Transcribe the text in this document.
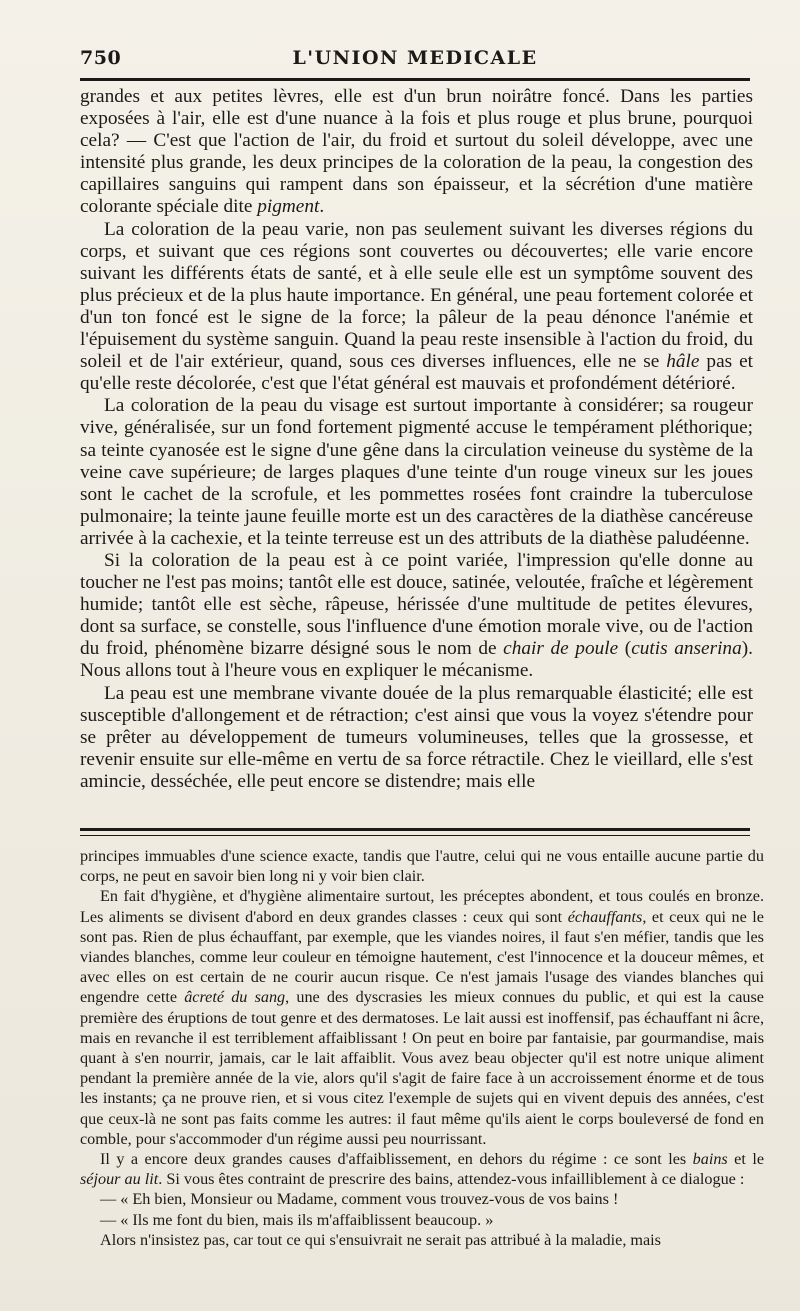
750	L'UNION MEDICALE

grandes et aux petites lèvres, elle est d'un brun noirâtre foncé. Dans les parties exposées à l'air, elle est d'une nuance à la fois et plus rouge et plus brune, pourquoi cela? — C'est que l'action de l'air, du froid et surtout du soleil développe, avec une intensité plus grande, les deux principes de la coloration de la peau, la congestion des capillaires sanguins qui rampent dans son épaisseur, et la sécrétion d'une matière colorante spéciale dite pigment.

La coloration de la peau varie, non pas seulement suivant les diverses régions du corps, et suivant que ces régions sont couvertes ou découvertes; elle varie encore suivant les différents états de santé, et à elle seule elle est un symptôme souvent des plus précieux et de la plus haute importance. En général, une peau fortement colorée et d'un ton foncé est le signe de la force; la pâleur de la peau dénonce l'anémie et l'épuisement du système sanguin. Quand la peau reste insensible à l'action du froid, du soleil et de l'air extérieur, quand, sous ces diverses influences, elle ne se hâle pas et qu'elle reste décolorée, c'est que l'état général est mauvais et profondément détérioré.

La coloration de la peau du visage est surtout importante à considérer; sa rougeur vive, généralisée, sur un fond fortement pigmenté accuse le tempérament pléthorique; sa teinte cyanosée est le signe d'une gêne dans la circulation veineuse du système de la veine cave supérieure; de larges plaques d'une teinte d'un rouge vineux sur les joues sont le cachet de la scrofule, et les pommettes rosées font craindre la tuberculose pulmonaire; la teinte jaune feuille morte est un des caractères de la diathèse cancéreuse arrivée à la cachexie, et la teinte terreuse est un des attributs de la diathèse paludéenne.

Si la coloration de la peau est à ce point variée, l'impression qu'elle donne au toucher ne l'est pas moins; tantôt elle est douce, satinée, veloutée, fraîche et légèrement humide; tantôt elle est sèche, râpeuse, hérissée d'une multitude de petites élevures, dont sa surface, se constelle, sous l'influence d'une émotion morale vive, ou de l'action du froid, phénomène bizarre désigné sous le nom de chair de poule (cutis anserina). Nous allons tout à l'heure vous en expliquer le mécanisme.

La peau est une membrane vivante douée de la plus remarquable élasticité; elle est susceptible d'allongement et de rétraction; c'est ainsi que vous la voyez s'étendre pour se prêter au développement de tumeurs volumineuses, telles que la grossesse, et revenir ensuite sur elle-même en vertu de sa force rétractile. Chez le vieillard, elle s'est amincie, desséchée, elle peut encore se distendre; mais elle

principes immuables d'une science exacte, tandis que l'autre, celui qui ne vous entaille aucune partie du corps, ne peut en savoir bien long ni y voir bien clair.

En fait d'hygiène, et d'hygiène alimentaire surtout, les préceptes abondent, et tous coulés en bronze. Les aliments se divisent d'abord en deux grandes classes : ceux qui sont échauffants, et ceux qui ne le sont pas. Rien de plus échauffant, par exemple, que les viandes noires, il faut s'en méfier, tandis que les viandes blanches, comme leur couleur en témoigne hautement, c'est l'innocence et la douceur mêmes, et avec elles on est certain de ne courir aucun risque. Ce n'est jamais l'usage des viandes blanches qui engendre cette âcreté du sang, une des dyscrasies les mieux connues du public, et qui est la cause première des éruptions de tout genre et des dermatoses. Le lait aussi est inoffensif, pas échauffant ni âcre, mais en revanche il est terriblement affaiblissant ! On peut en boire par fantaisie, par gourmandise, mais quant à s'en nourrir, jamais, car le lait affaiblit. Vous avez beau objecter qu'il est notre unique aliment pendant la première année de la vie, alors qu'il s'agit de faire face à un accroissement énorme et de tous les instants; ça ne prouve rien, et si vous citez l'exemple de sujets qui en vivent depuis des années, c'est que ceux-là ne sont pas faits comme les autres: il faut même qu'ils aient le corps bouleversé de fond en comble, pour s'accommoder d'un régime aussi peu nourrissant.

Il y a encore deux grandes causes d'affaiblissement, en dehors du régime : ce sont les bains et le séjour au lit. Si vous êtes contraint de prescrire des bains, attendez-vous infailliblement à ce dialogue :

— « Eh bien, Monsieur ou Madame, comment vous trouvez-vous de vos bains !

— « Ils me font du bien, mais ils m'affaiblissent beaucoup. »

Alors n'insistez pas, car tout ce qui s'ensuivrait ne serait pas attribué à la maladie, mais
